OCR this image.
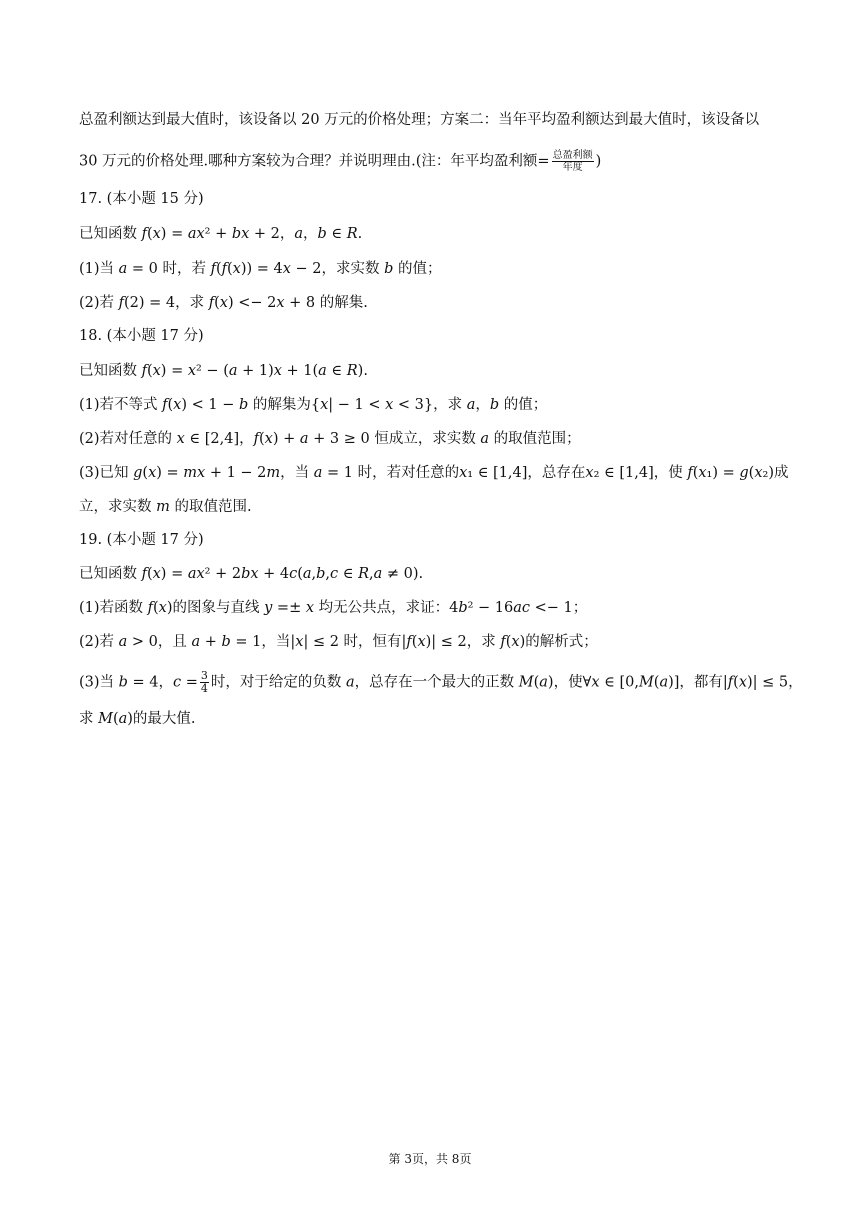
总盈利额达到最大值时，该设备以 20 万元的价格处理；方案二：当年平均盈利额达到最大值时，该设备以
30 万元的价格处理.哪种方案较为合理？并说明理由.(注：年平均盈利额= $\frac{\text{总盈利额}}{\text{年度}}$ )
17. (本小题 15 分)
已知函数 𝑓(𝑥) = 𝑎𝑥² + 𝑏𝑥 + 2，𝑎，𝑏 ∈ 𝑅.
(1)当 𝑎 = 0 时，若 𝑓(𝑓(𝑥)) = 4𝑥 − 2，求实数 𝑏 的值；
(2)若 𝑓(2) = 4，求 𝑓(𝑥) <− 2𝑥 + 8 的解集.
18. (本小题 17 分)
已知函数 𝑓(𝑥) = 𝑥² − (𝑎 + 1)𝑥 + 1(𝑎 ∈ 𝑅).
(1)若不等式 𝑓(𝑥) < 1 − 𝑏 的解集为{𝑥| − 1 < 𝑥 < 3}，求 𝑎，𝑏 的值；
(2)若对任意的 𝑥 ∈ [2,4]，𝑓(𝑥) + 𝑎 + 3 ≥ 0 恒成立，求实数 𝑎 的取值范围；
(3)已知 𝑔(𝑥) = 𝑚𝑥 + 1 − 2𝑚，当 𝑎 = 1 时，若对任意的𝑥₁ ∈ [1,4]，总存在𝑥₂ ∈ [1,4]，使 𝑓(𝑥₁) = 𝑔(𝑥₂)成
立，求实数 𝑚 的取值范围.
19. (本小题 17 分)
已知函数 𝑓(𝑥) = 𝑎𝑥² + 2𝑏𝑥 + 4𝑐(𝑎,𝑏,𝑐 ∈ 𝑅,𝑎 ≠ 0).
(1)若函数 𝑓(𝑥)的图象与直线 𝑦 =± 𝑥 均无公共点，求证：4𝑏² − 16𝑎𝑐 <− 1；
(2)若 𝑎 > 0，且 𝑎 + 𝑏 = 1，当|𝑥| ≤ 2 时，恒有|𝑓(𝑥)| ≤ 2，求 𝑓(𝑥)的解析式；
(3)当 𝑏 = 4，𝑐 = $\frac{3}{4}$ 时，对于给定的负数 𝑎，总存在一个最大的正数 𝑀(𝑎)，使∀𝑥 ∈ [0,𝑀(𝑎)]，都有|𝑓(𝑥)| ≤ 5，
求 𝑀(𝑎)的最大值.
第 3页，共 8页
